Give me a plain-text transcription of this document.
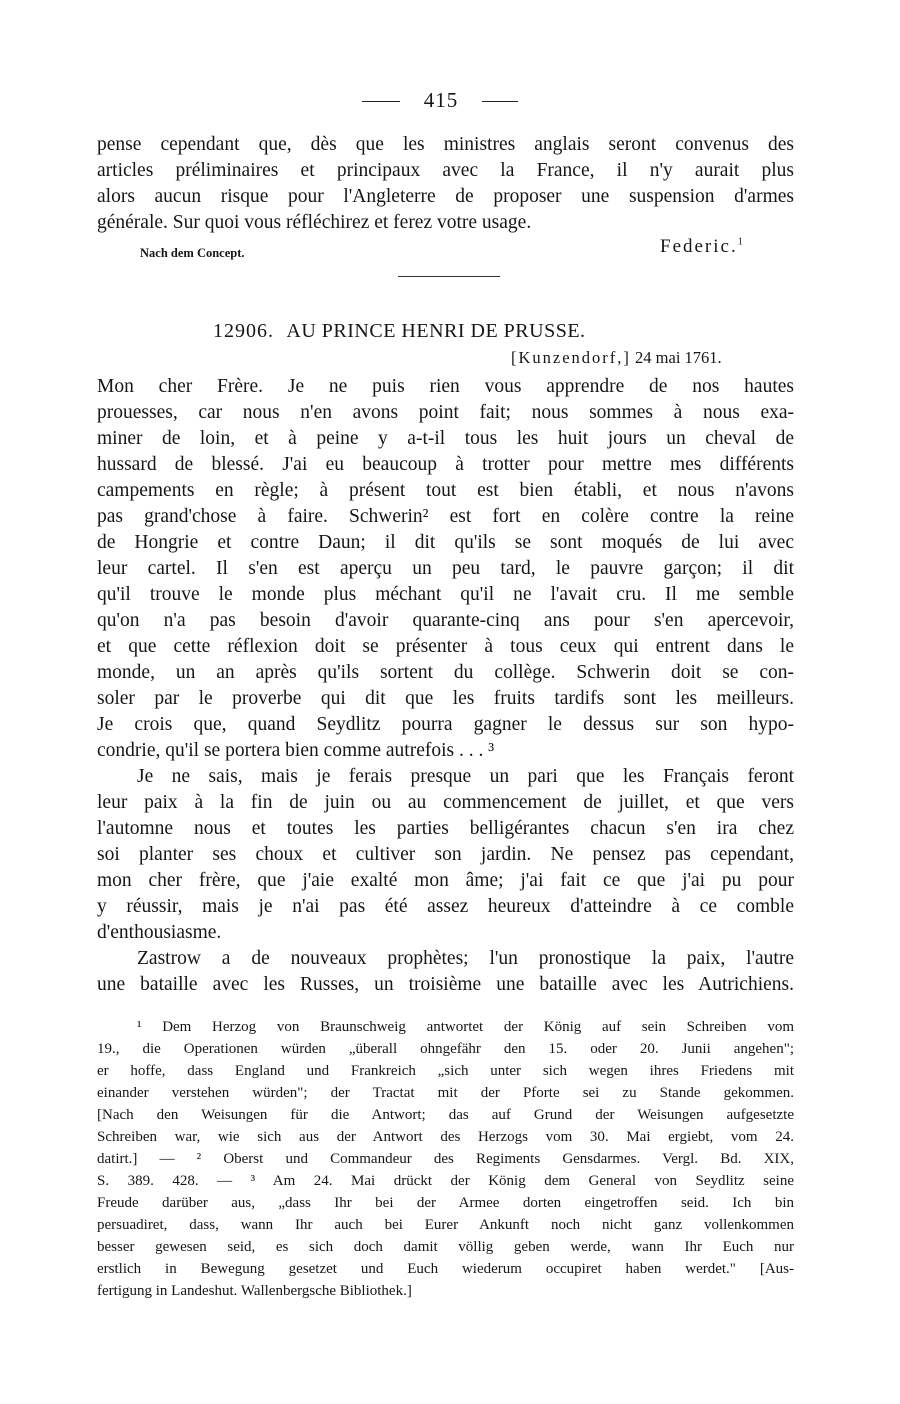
415
pense cependant que, dès que les ministres anglais seront convenus des
articles préliminaires et principaux avec la France, il n'y aurait plus
alors aucun risque pour l'Angleterre de proposer une suspension d'armes
générale. Sur quoi vous réfléchirez et ferez votre usage.
Nach dem Concept.	Federic.$^1$
12906. AU PRINCE HENRI DE PRUSSE.
[Kunzendorf,] 24 mai 1761.
Mon cher Frère. Je ne puis rien vous apprendre de nos hautes
prouesses, car nous n'en avons point fait; nous sommes à nous exa-
miner de loin, et à peine y a-t-il tous les huit jours un cheval de
hussard de blessé. J'ai eu beaucoup à trotter pour mettre mes différents
campements en règle; à présent tout est bien établi, et nous n'avons
pas grand'chose à faire. Schwerin² est fort en colère contre la reine
de Hongrie et contre Daun; il dit qu'ils se sont moqués de lui avec
leur cartel. Il s'en est aperçu un peu tard, le pauvre garçon; il dit
qu'il trouve le monde plus méchant qu'il ne l'avait cru. Il me semble
qu'on n'a pas besoin d'avoir quarante-cinq ans pour s'en apercevoir,
et que cette réflexion doit se présenter à tous ceux qui entrent dans le
monde, un an après qu'ils sortent du collège. Schwerin doit se con-
soler par le proverbe qui dit que les fruits tardifs sont les meilleurs.
Je crois que, quand Seydlitz pourra gagner le dessus sur son hypo-
condrie, qu'il se portera bien comme autrefois . . . ³
Je ne sais, mais je ferais presque un pari que les Français feront
leur paix à la fin de juin ou au commencement de juillet, et que vers
l'automne nous et toutes les parties belligérantes chacun s'en ira chez
soi planter ses choux et cultiver son jardin. Ne pensez pas cependant,
mon cher frère, que j'aie exalté mon âme; j'ai fait ce que j'ai pu pour
y réussir, mais je n'ai pas été assez heureux d'atteindre à ce comble
d'enthousiasme.
Zastrow a de nouveaux prophètes; l'un pronostique la paix, l'autre
une bataille avec les Russes, un troisième une bataille avec les Autrichiens.
¹ Dem Herzog von Braunschweig antwortet der König auf sein Schreiben vom
19., die Operationen würden „überall ohngefähr den 15. oder 20. Junii angehen";
er hoffe, dass England und Frankreich „sich unter sich wegen ihres Friedens mit
einander verstehen würden"; der Tractat mit der Pforte sei zu Stande gekommen.
[Nach den Weisungen für die Antwort; das auf Grund der Weisungen aufgesetzte
Schreiben war, wie sich aus der Antwort des Herzogs vom 30. Mai ergiebt, vom 24.
datirt.] — ² Oberst und Commandeur des Regiments Gensdarmes. Vergl. Bd. XIX,
S. 389. 428. — ³ Am 24. Mai drückt der König dem General von Seydlitz seine
Freude darüber aus, „dass Ihr bei der Armee dorten eingetroffen seid. Ich bin
persuadiret, dass, wann Ihr auch bei Eurer Ankunft noch nicht ganz vollenkommen
besser gewesen seid, es sich doch damit völlig geben werde, wann Ihr Euch nur
erstlich in Bewegung gesetzet und Euch wiederum occupiret haben werdet." [Aus-
fertigung in Landeshut. Wallenbergsche Bibliothek.]
